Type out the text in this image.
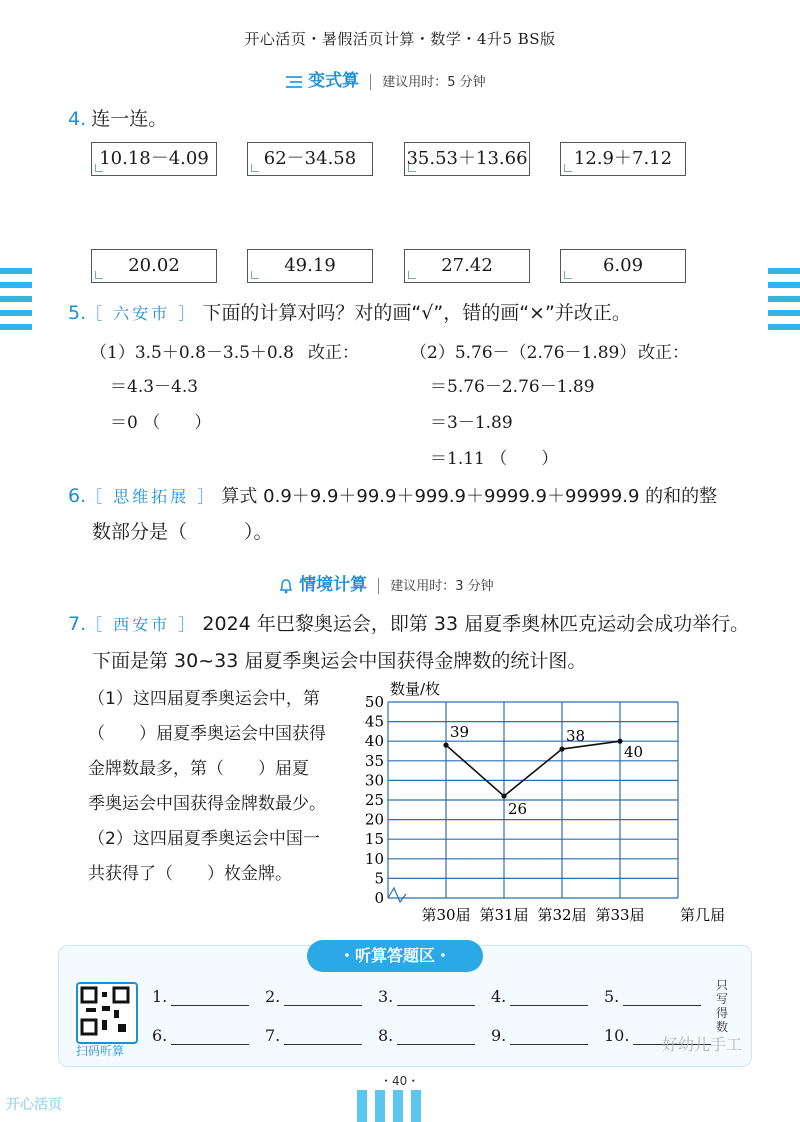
开心活页・暑假活页计算・数学・4升5 BS版
变式算 建议用时：5 分钟
4. 连一连。
10.18－4.09	62－34.58	35.53＋13.66	12.9＋7.12
20.02	49.19	27.42	6.09
5.［ 六安市 ］ 下面的计算对吗？对的画“√”，错的画“×”并改正。
（1）3.5＋0.8－3.5＋0.8 改正：
＝4.3－4.3
＝0 （　　）
（2）5.76－（2.76－1.89） 改正：
＝5.76－2.76－1.89
＝3－1.89
＝1.11 （　　）
6.［ 思维拓展 ］ 算式 0.9＋9.9＋99.9＋999.9＋9999.9＋99999.9 的和的整
数部分是（　　　）。
情境计算 建议用时：3 分钟
7.［ 西安市 ］ 2024 年巴黎奥运会，即第 33 届夏季奥林匹克运动会成功举行。
下面是第 30~33 届夏季奥运会中国获得金牌数的统计图。
（1）这四届夏季奥运会中，第
（　　）届夏季奥运会中国获得
金牌数最多，第（　　）届夏
季奥运会中国获得金牌数最少。
（2）这四届夏季奥运会中国一
共获得了（　　）枚金牌。
0
5
10
15
20
25
30
35
40
45
50
第30届 第31届 第32届 第33届
39
26
38
40
数量/枚
第几届
・听算答题区・
扫码听算
1.	2.	3.	4.	5.
6.	7.	8.	9.	10.
只写得数
好幼儿手工
・40・
开心活页
